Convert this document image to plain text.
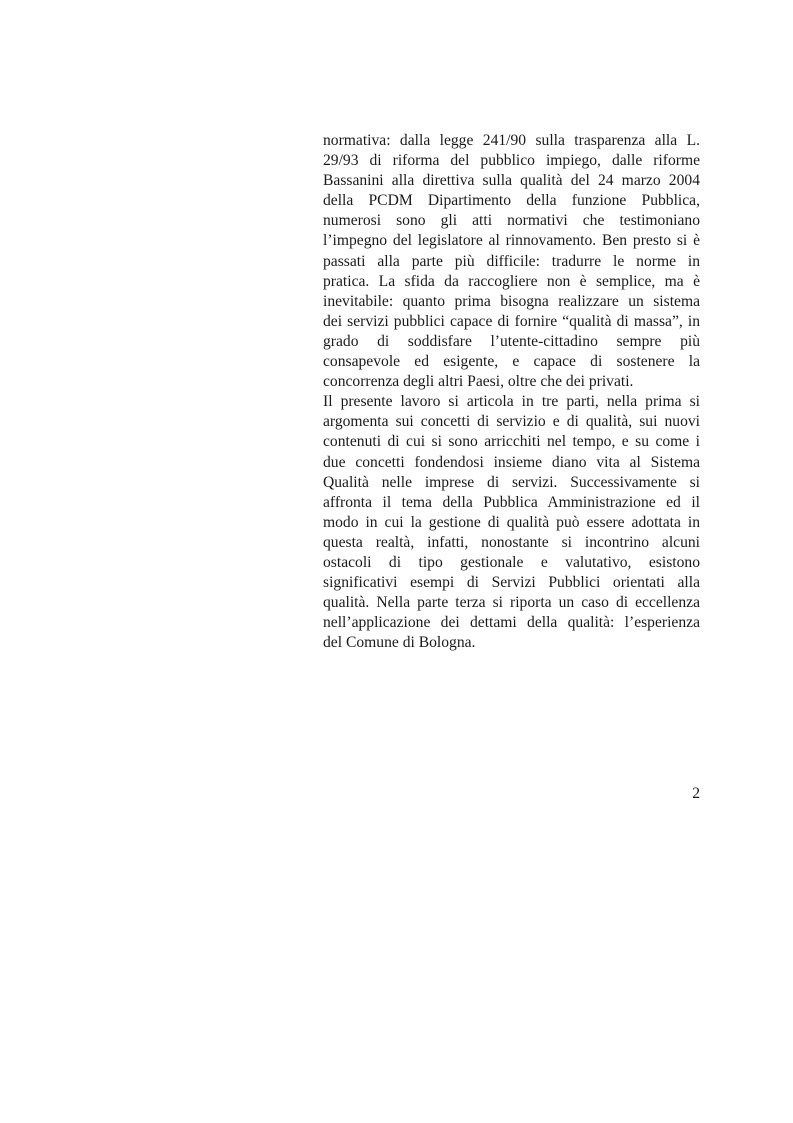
normativa: dalla legge 241/90 sulla trasparenza alla L.
29/93 di riforma del pubblico impiego, dalle riforme
Bassanini alla direttiva sulla qualità del 24 marzo 2004
della PCDM Dipartimento della funzione Pubblica,
numerosi sono gli atti normativi che testimoniano
l’impegno del legislatore al rinnovamento. Ben presto si è
passati alla parte più difficile: tradurre le norme in
pratica. La sfida da raccogliere non è semplice, ma è
inevitabile: quanto prima bisogna realizzare un sistema
dei servizi pubblici capace di fornire “qualità di massa”, in
grado di soddisfare l’utente-cittadino sempre più
consapevole ed esigente, e capace di sostenere la
concorrenza degli altri Paesi, oltre che dei privati.
Il presente lavoro si articola in tre parti, nella prima si
argomenta sui concetti di servizio e di qualità, sui nuovi
contenuti di cui si sono arricchiti nel tempo, e su come i
due concetti fondendosi insieme diano vita al Sistema
Qualità nelle imprese di servizi. Successivamente si
affronta il tema della Pubblica Amministrazione ed il
modo in cui la gestione di qualità può essere adottata in
questa realtà, infatti, nonostante si incontrino alcuni
ostacoli di tipo gestionale e valutativo, esistono
significativi esempi di Servizi Pubblici orientati alla
qualità. Nella parte terza si riporta un caso di eccellenza
nell’applicazione dei dettami della qualità: l’esperienza
del Comune di Bologna.
2
